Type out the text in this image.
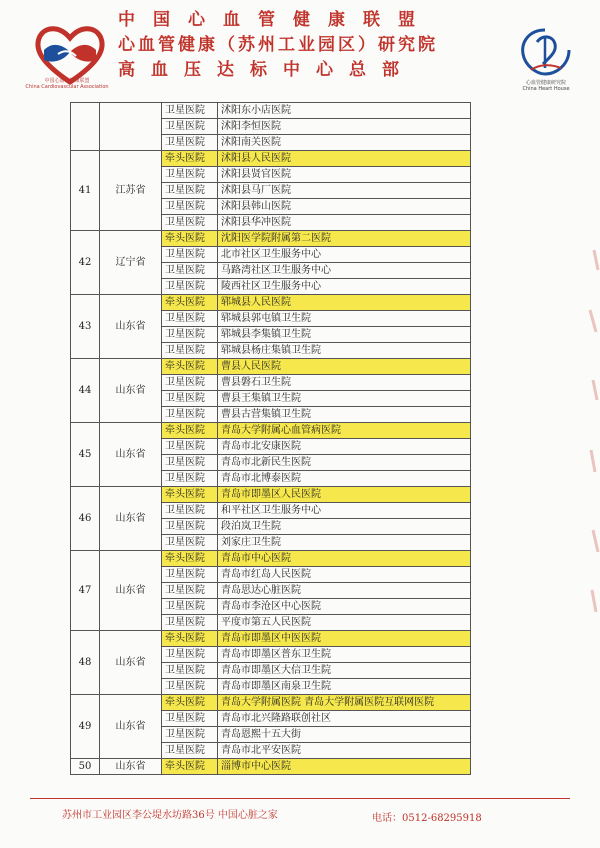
中国心血管健康联盟
China Cardiovascular Association
中国心血管健康联盟
心血管健康（苏州工业园区）研究院
高血压达标中心总部
心血管健康研究院
China Heart House
		卫星医院	沭阳东小店医院
		卫星医院	沭阳李恒医院
		卫星医院	沭阳南关医院
41	江苏省	牵头医院	沭阳县人民医院
		卫星医院	沭阳县贤官医院
		卫星医院	沭阳县马厂医院
		卫星医院	沭阳县韩山医院
		卫星医院	沭阳县华冲医院
42	辽宁省	牵头医院	沈阳医学院附属第二医院
		卫星医院	北市社区卫生服务中心
		卫星医院	马路湾社区卫生服务中心
		卫星医院	陵西社区卫生服务中心
43	山东省	牵头医院	郓城县人民医院
		卫星医院	郓城县郭屯镇卫生院
		卫星医院	郓城县李集镇卫生院
		卫星医院	郓城县杨庄集镇卫生院
44	山东省	牵头医院	曹县人民医院
		卫星医院	曹县磐石卫生院
		卫星医院	曹县王集镇卫生院
		卫星医院	曹县古营集镇卫生院
45	山东省	牵头医院	青岛大学附属心血管病医院
		卫星医院	青岛市北安康医院
		卫星医院	青岛市北新民生医院
		卫星医院	青岛市北博泰医院
46	山东省	牵头医院	青岛市即墨区人民医院
		卫星医院	和平社区卫生服务中心
		卫星医院	段泊岚卫生院
		卫星医院	刘家庄卫生院
47	山东省	牵头医院	青岛市中心医院
		卫星医院	青岛市红岛人民医院
		卫星医院	青岛思达心脏医院
		卫星医院	青岛市李沧区中心医院
		卫星医院	平度市第五人民医院
48	山东省	牵头医院	青岛市即墨区中医医院
		卫星医院	青岛市即墨区普东卫生院
		卫星医院	青岛市即墨区大信卫生院
		卫星医院	青岛市即墨区南泉卫生院
49	山东省	牵头医院	青岛大学附属医院 青岛大学附属医院互联网医院
		卫星医院	青岛市北兴隆路联创社区
		卫星医院	青岛恩熙十五大街
		卫星医院	青岛市北平安医院
50	山东省	牵头医院	淄博市中心医院
苏州市工业园区李公堤水坊路36号 中国心脏之家	电话：0512-68295918
